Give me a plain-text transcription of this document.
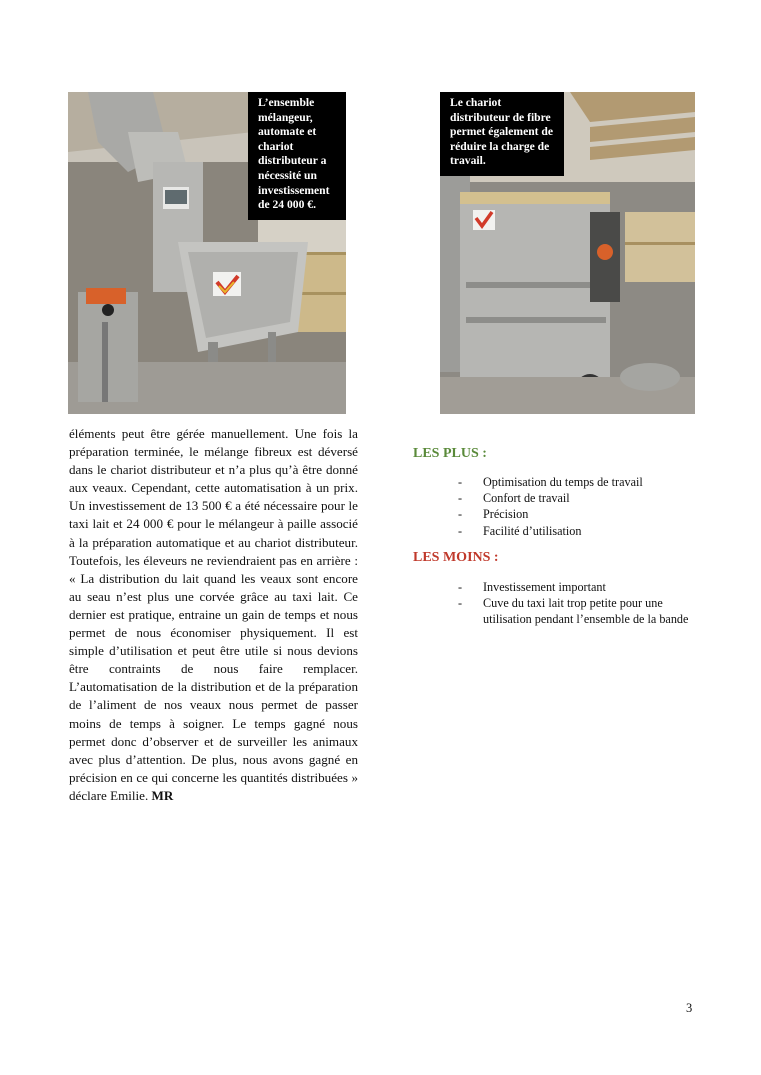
L’ensemble mélangeur, automate et chariot distributeur a nécessité un investissement de 24 000 €.
Le chariot distributeur de fibre permet également de réduire la charge de travail.

éléments peut être gérée manuellement. Une fois la préparation terminée, le mélange fibreux est déversé dans le chariot distributeur et n’a plus qu’à être donné aux veaux. Cependant, cette automatisation à un prix. Un investissement de 13 500 € a été nécessaire pour le taxi lait et 24 000 € pour le mélangeur à paille associé à la préparation automatique et au chariot distributeur. Toutefois, les éleveurs ne reviendraient pas en arrière : « La distribution du lait quand les veaux sont encore au seau n’est plus une corvée grâce au taxi lait. Ce dernier est pratique, entraine un gain de temps et nous permet de nous économiser physiquement. Il est simple d’utilisation et peut être utile si nous devions être contraints de nous faire remplacer. L’automatisation de la distribution et de la préparation de l’aliment de nos veaux nous permet de passer moins de temps à soigner. Le temps gagné nous permet donc d’observer et de surveiller les animaux avec plus d’attention. De plus, nous avons gagné en précision en ce qui concerne les quantités distribuées » déclare Emilie. MR

LES PLUS :
- Optimisation du temps de travail
- Confort de travail
- Précision
- Facilité d’utilisation
LES MOINS :
- Investissement important
- Cuve du taxi lait trop petite pour une utilisation pendant l’ensemble de la bande
3
